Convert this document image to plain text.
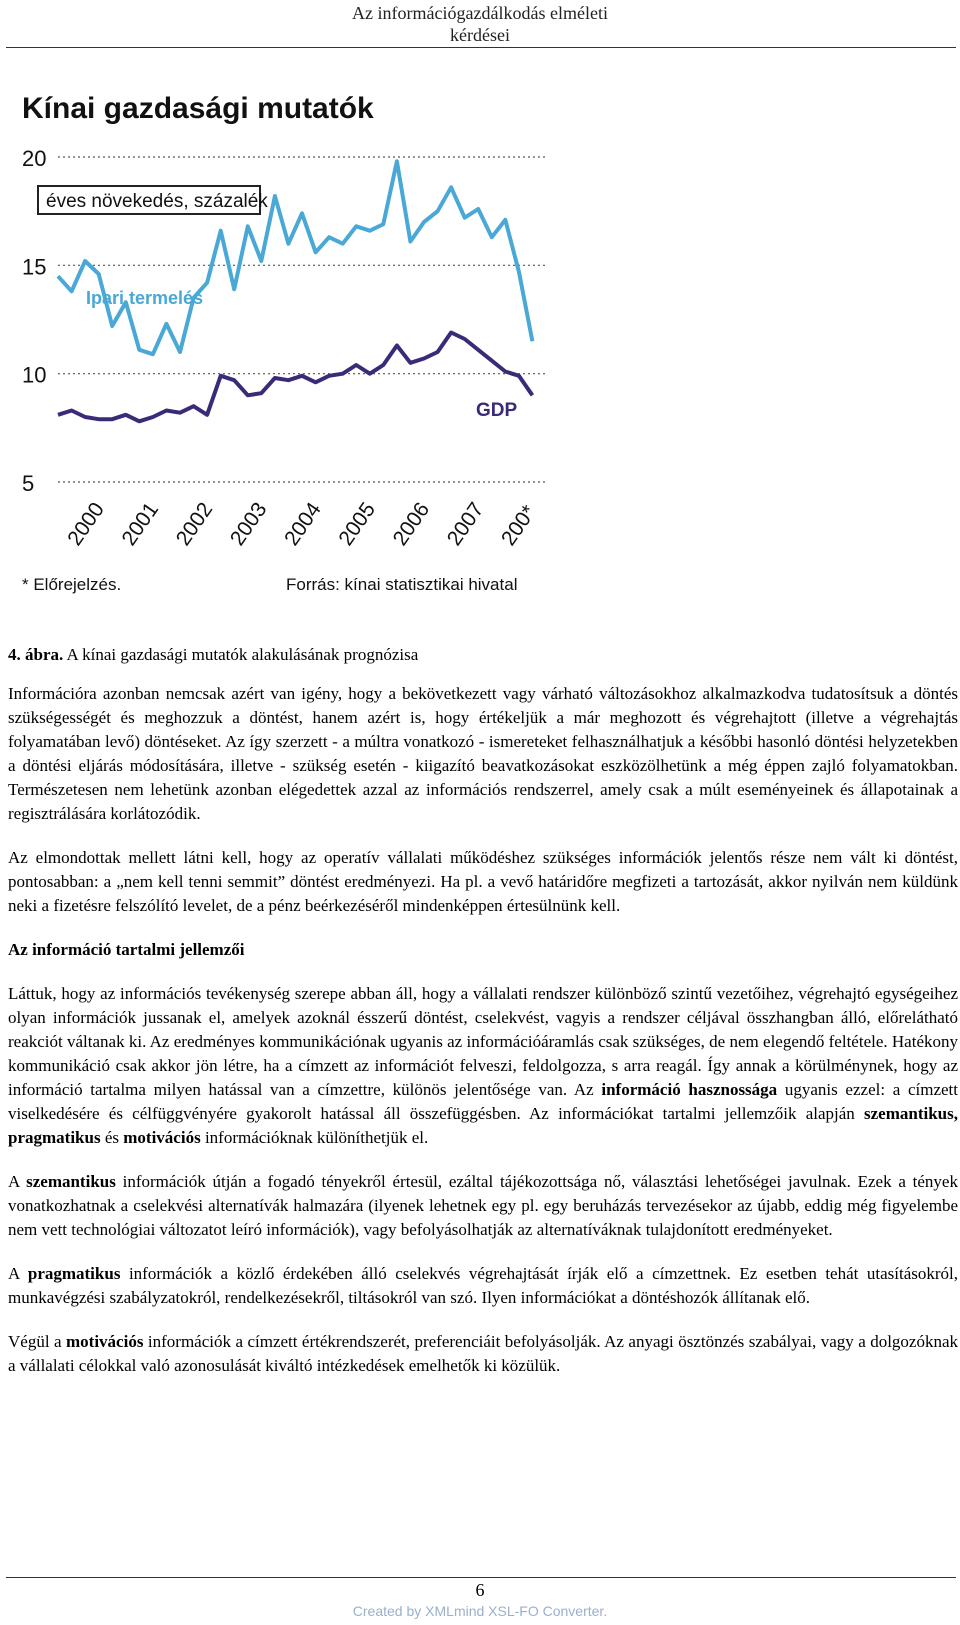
Az információgazdálkodás elméleti
kérdései
Kínai gazdasági mutatók
20
15
10
5
éves növekedés, százalék
Ipari termelés
GDP
2000 2001 2002 2003 2004 2005 2006 2007 200*
* Előrejelzés.	Forrás: kínai statisztikai hivatal
4. ábra. A kínai gazdasági mutatók alakulásának prognózisa

Információra azonban nemcsak azért van igény, hogy a bekövetkezett vagy várható változásokhoz alkalmazkodva tudatosítsuk a döntés szükségességét és meghozzuk a döntést, hanem azért is, hogy értékeljük a már meghozott és végrehajtott (illetve a végrehajtás folyamatában levő) döntéseket. Az így szerzett - a múltra vonatkozó - ismereteket felhasználhatjuk a későbbi hasonló döntési helyzetekben a döntési eljárás módosítására, illetve - szükség esetén - kiigazító beavatkozásokat eszközölhetünk a még éppen zajló folyamatokban. Természetesen nem lehetünk azonban elégedettek azzal az információs rendszerrel, amely csak a múlt eseményeinek és állapotainak a regisztrálására korlátozódik.

Az elmondottak mellett látni kell, hogy az operatív vállalati működéshez szükséges információk jelentős része nem vált ki döntést, pontosabban: a „nem kell tenni semmit” döntést eredményezi. Ha pl. a vevő határidőre megfizeti a tartozását, akkor nyilván nem küldünk neki a fizetésre felszólító levelet, de a pénz beérkezéséről mindenképpen értesülnünk kell.

Az információ tartalmi jellemzői

Láttuk, hogy az információs tevékenység szerepe abban áll, hogy a vállalati rendszer különböző szintű vezetőihez, végrehajtó egységeihez olyan információk jussanak el, amelyek azoknál ésszerű döntést, cselekvést, vagyis a rendszer céljával összhangban álló, előrelátható reakciót váltanak ki. Az eredményes kommunikációnak ugyanis az információáramlás csak szükséges, de nem elegendő feltétele. Hatékony kommunikáció csak akkor jön létre, ha a címzett az információt felveszi, feldolgozza, s arra reagál. Így annak a körülménynek, hogy az információ tartalma milyen hatással van a címzettre, különös jelentősége van. Az információ hasznossága ugyanis ezzel: a címzett viselkedésére és célfüggvényére gyakorolt hatással áll összefüggésben. Az információkat tartalmi jellemzőik alapján szemantikus, pragmatikus és motivációs információknak különíthetjük el.

A szemantikus információk útján a fogadó tényekről értesül, ezáltal tájékozottsága nő, választási lehetőségei javulnak. Ezek a tények vonatkozhatnak a cselekvési alternatívák halmazára (ilyenek lehetnek egy pl. egy beruházás tervezésekor az újabb, eddig még figyelembe nem vett technológiai változatot leíró információk), vagy befolyásolhatják az alternatíváknak tulajdonított eredményeket.

A pragmatikus információk a közlő érdekében álló cselekvés végrehajtását írják elő a címzettnek. Ez esetben tehát utasításokról, munkavégzési szabályzatokról, rendelkezésekről, tiltásokról van szó. Ilyen információkat a döntéshozók állítanak elő.

Végül a motivációs információk a címzett értékrendszerét, preferenciáit befolyásolják. Az anyagi ösztönzés szabályai, vagy a dolgozóknak a vállalati célokkal való azonosulását kiváltó intézkedések emelhetők ki közülük.

6
Created by XMLmind XSL-FO Converter.
